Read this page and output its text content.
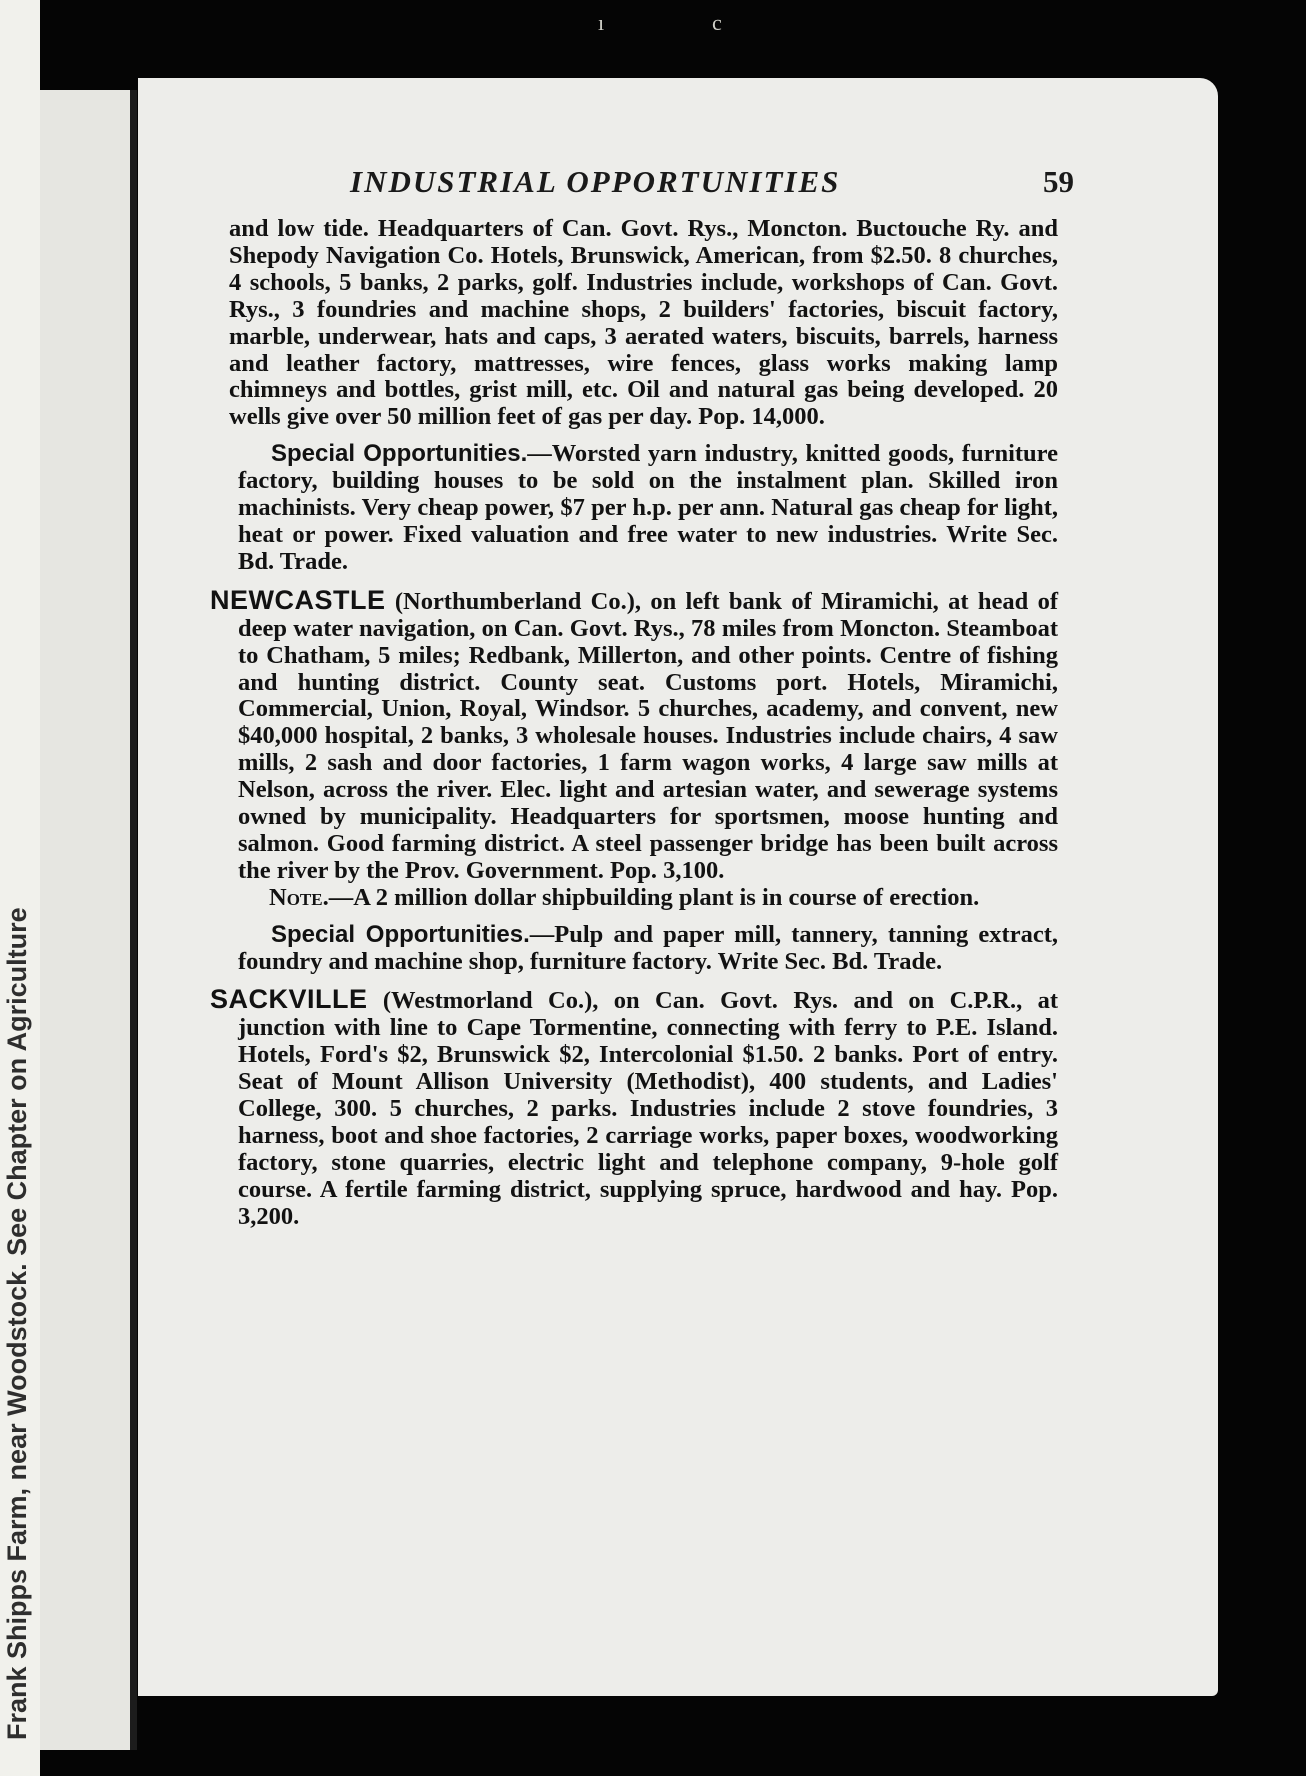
Frank Shipps Farm, near Woodstock. See Chapter on Agriculture
ı	c
INDUSTRIAL OPPORTUNITIES	59

and low tide. Headquarters of Can. Govt. Rys., Moncton. Buctouche Ry. and Shepody Navigation Co. Hotels, Brunswick, American, from $2.50. 8 churches, 4 schools, 5 banks, 2 parks, golf. Industries include, workshops of Can. Govt. Rys., 3 foundries and machine shops, 2 builders' factories, biscuit factory, marble, underwear, hats and caps, 3 aerated waters, biscuits, barrels, harness and leather factory, mattresses, wire fences, glass works making lamp chimneys and bottles, grist mill, etc. Oil and natural gas being developed. 20 wells give over 50 million feet of gas per day. Pop. 14,000.

Special Opportunities.—Worsted yarn industry, knitted goods, furniture factory, building houses to be sold on the instalment plan. Skilled iron machinists. Very cheap power, $7 per h.p. per ann. Natural gas cheap for light, heat or power. Fixed valuation and free water to new industries. Write Sec. Bd. Trade.

NEWCASTLE (Northumberland Co.), on left bank of Miramichi, at head of deep water navigation, on Can. Govt. Rys., 78 miles from Moncton. Steamboat to Chatham, 5 miles; Redbank, Millerton, and other points. Centre of fishing and hunting district. County seat. Customs port. Hotels, Miramichi, Commercial, Union, Royal, Windsor. 5 churches, academy, and convent, new $40,000 hospital, 2 banks, 3 wholesale houses. Industries include chairs, 4 saw mills, 2 sash and door factories, 1 farm wagon works, 4 large saw mills at Nelson, across the river. Elec. light and artesian water, and sewerage systems owned by municipality. Headquarters for sportsmen, moose hunting and salmon. Good farming district. A steel passenger bridge has been built across the river by the Prov. Government. Pop. 3,100.

Note.—A 2 million dollar shipbuilding plant is in course of erection.

Special Opportunities.—Pulp and paper mill, tannery, tanning extract, foundry and machine shop, furniture factory. Write Sec. Bd. Trade.

SACKVILLE (Westmorland Co.), on Can. Govt. Rys. and on C.P.R., at junction with line to Cape Tormentine, connecting with ferry to P.E. Island. Hotels, Ford's $2, Brunswick $2, Intercolonial $1.50. 2 banks. Port of entry. Seat of Mount Allison University (Methodist), 400 students, and Ladies' College, 300. 5 churches, 2 parks. Industries include 2 stove foundries, 3 harness, boot and shoe factories, 2 carriage works, paper boxes, woodworking factory, stone quarries, electric light and telephone company, 9-hole golf course. A fertile farming district, supplying spruce, hardwood and hay. Pop. 3,200.
